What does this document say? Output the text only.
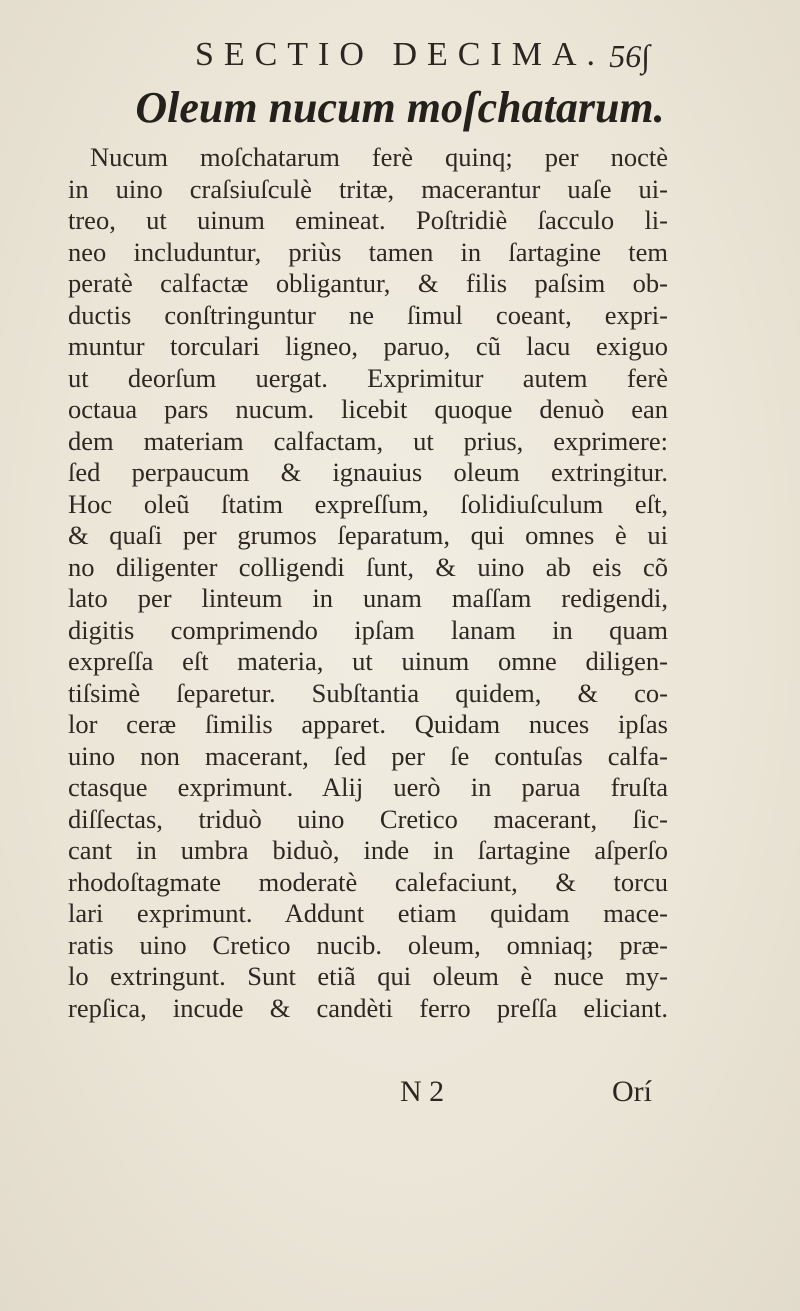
SECTIO DECIMA. 56∫
Oleum nucum moſchatarum.
Nucum moſchatarum ferè quinq; per noctè
in uino craſsiuſculè tritæ, macerantur uaſe ui-
treo, ut uinum emineat. Poſtridiè ſacculo li-
neo includuntur, priùs tamen in ſartagine tem
peratè calfactæ obligantur, & filis paſsim ob-
ductis conſtringuntur ne ſimul coeant, expri-
muntur torculari ligneo, paruo, cũ lacu exiguo
ut deorſum uergat. Exprimitur autem ferè
octaua pars nucum. licebit quoque denuò ean
dem materiam calfactam, ut prius, exprimere:
ſed perpaucum & ignauius oleum extringitur.
Hoc oleũ ſtatim expreſſum, ſolidiuſculum eſt,
& quaſi per grumos ſeparatum, qui omnes è ui
no diligenter colligendi ſunt, & uino ab eis cõ
lato per linteum in unam maſſam redigendi,
digitis comprimendo ipſam lanam in quam
expreſſa eſt materia, ut uinum omne diligen-
tiſsimè ſeparetur. Subſtantia quidem, & co-
lor ceræ ſimilis apparet. Quidam nuces ipſas
uino non macerant, ſed per ſe contuſas calfa-
ctasque exprimunt. Alij uerò in parua fruſta
diſſectas, triduò uino Cretico macerant, ſic-
cant in umbra biduò, inde in ſartagine aſperſo
rhodoſtagmate moderatè calefaciunt, & torcu
lari exprimunt. Addunt etiam quidam mace-
ratis uino Cretico nucib. oleum, omniaq; præ-
lo extringunt. Sunt etiã qui oleum è nuce my-
repſica, incude & candèti ferro preſſa eliciant.
N 2	Orí
